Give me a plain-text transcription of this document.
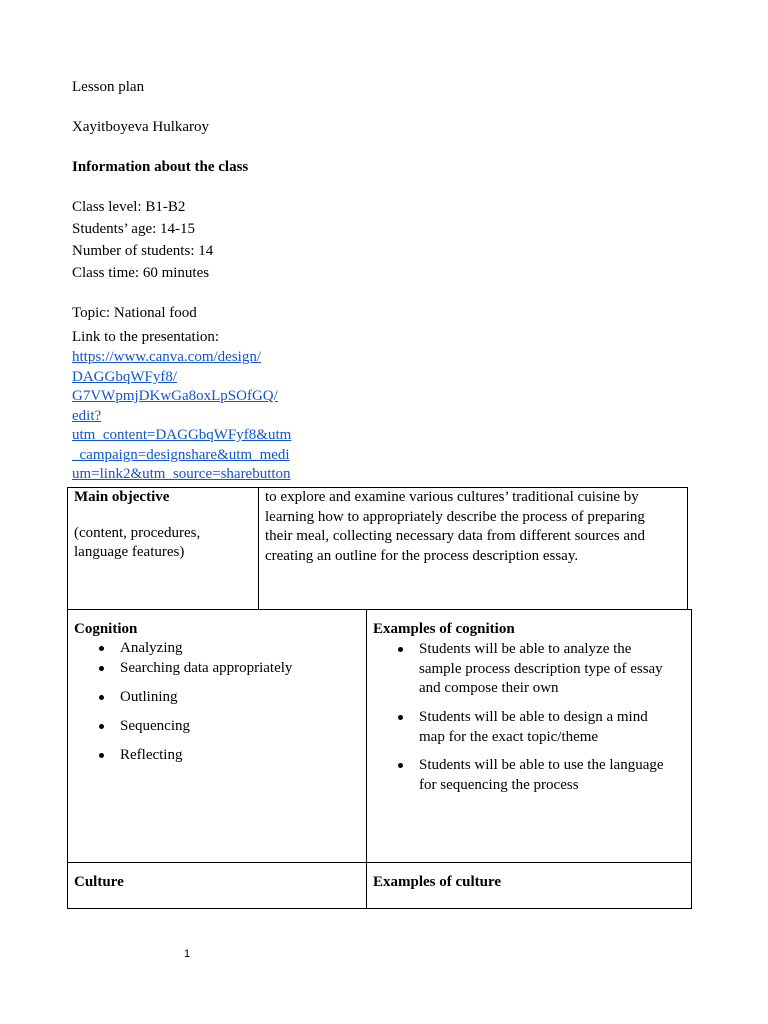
Lesson plan
Xayitboyeva Hulkaroy
Information about the class
Class level: B1-B2
Students’ age: 14-15
Number of students: 14
Class time: 60 minutes
Topic: National food
Link to the presentation:
https://www.canva.com/design/
DAGGbqWFyf8/
G7VWpmjDKwGa8oxLpSOfGQ/
edit?
utm_content=DAGGbqWFyf8&utm
_campaign=designshare&utm_medi
um=link2&utm_source=sharebutton
Main objective
(content, procedures,
language features)
to explore and examine various cultures’ traditional cuisine by
learning how to appropriately describe the process of preparing
their meal, collecting necessary data from different sources and
creating an outline for the process description essay.
Cognition
Analyzing
Searching data appropriately
Outlining
Sequencing
Reflecting
Examples of cognition
Students will be able to analyze the
sample process description type of essay
and compose their own
Students will be able to design a mind
map for the exact topic/theme
Students will be able to use the language
for sequencing the process
Culture	Examples of culture
1
